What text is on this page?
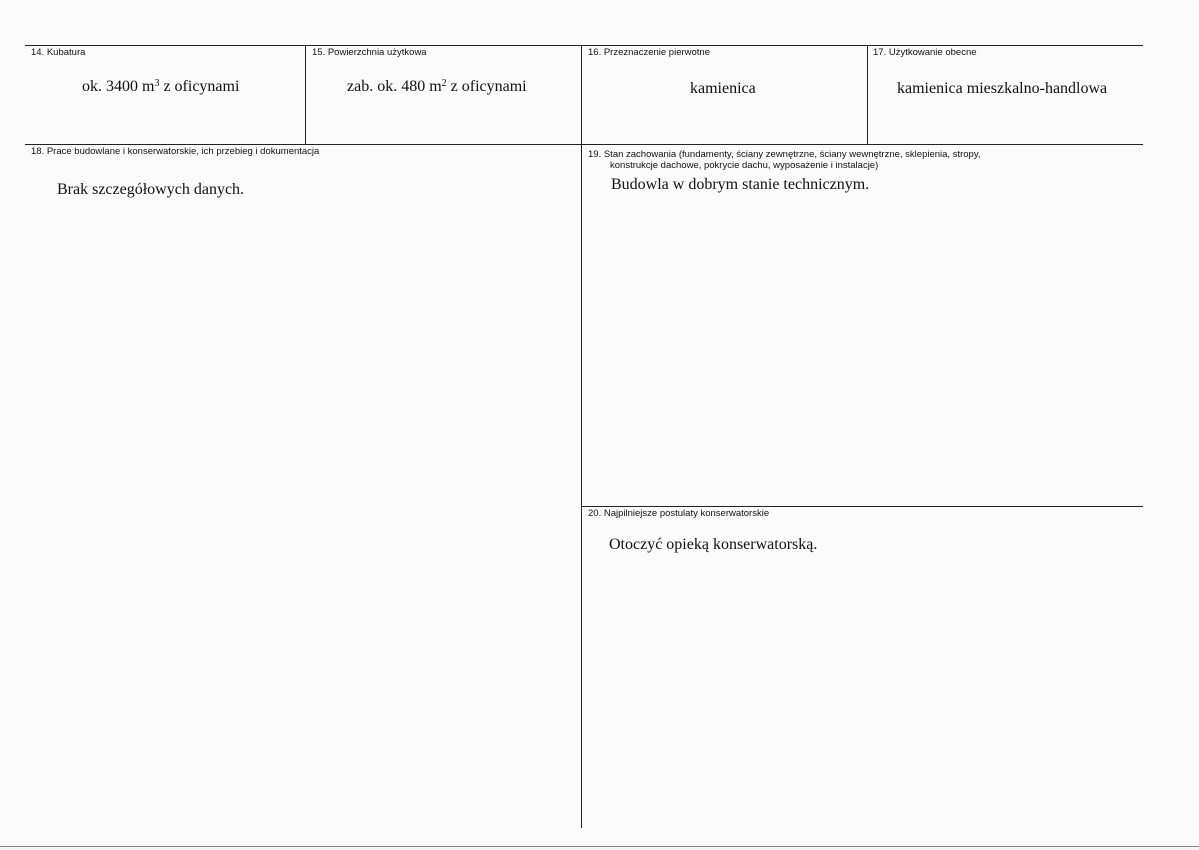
14. Kubatura
ok. 3400 $m^3$ z oficynami
15. Powierzchnia użytkowa
zab. ok. 480 $m^2$ z oficynami
16. Przeznaczenie pierwotne
kamienica
17. Użytkowanie obecne
kamienica mieszkalno-handlowa
18. Prace budowlane i konserwatorskie, ich przebieg i dokumentacja
Brak szczegółowych danych.
19. Stan zachowania (fundamenty, ściany zewnętrzne, ściany wewnętrzne, sklepienia, stropy,
konstrukcje dachowe, pokrycie dachu, wyposażenie i instalacje)
Budowla w dobrym stanie technicznym.
20. Najpilniejsze postulaty konserwatorskie
Otoczyć opieką konserwatorską.
